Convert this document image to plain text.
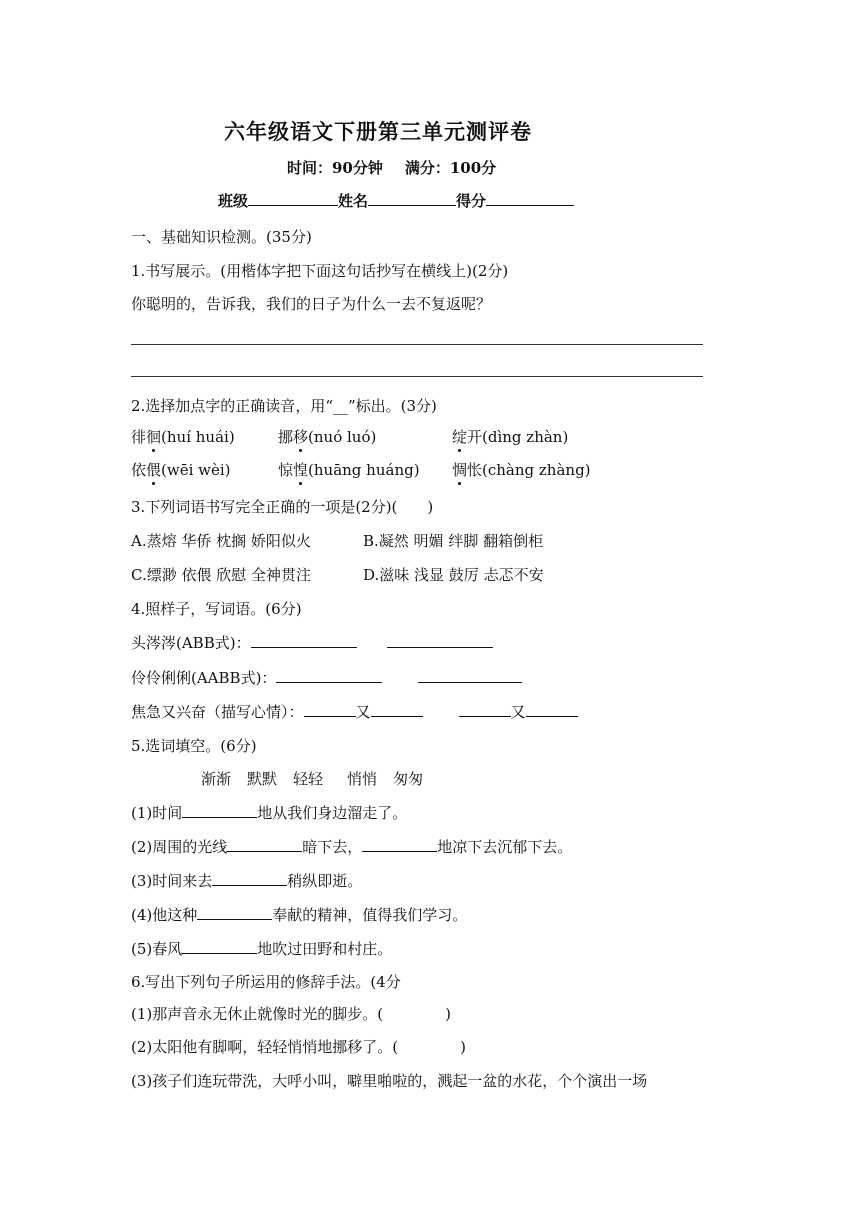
六年级语文下册第三单元测评卷
时间：90分钟 满分：100分
班级	姓名	得分
一、基础知识检测。(35分)
1.书写展示。(用楷体字把下面这句话抄写在横线上)(2分)
你聪明的，告诉我，我们的日子为什么一去不复返呢？
2.选择加点字的正确读音，用“__”标出。(3分)
徘徊(huí huái)	挪移(nuó luó)	绽开(dìng zhàn)
依偎(wēi wèi)	惊惶(huāng huáng) 惆怅(chàng zhàng)
3.下列词语书写完全正确的一项是(2分)(　　)
A.蒸熔 华侨 枕搁 娇阳似火	B.凝然 明媚 绊脚 翻箱倒柜
C.缥渺 依偎 欣慰 全神贯注	D.滋味 浅显 鼓厉 忐忑不安
4.照样子，写词语。(6分)
头涔涔(ABB式)：
伶伶俐俐(AABB式)：
焦急又兴奋（描写心情）：	又	又
5.选词填空。(6分)
渐渐 默默 轻轻 悄悄 匆匆
(1)时间	地从我们身边溜走了。
(2)周围的光线	暗下去，	地凉下去沉郁下去。
(3)时间来去	稍纵即逝。
(4)他这种	奉献的精神，值得我们学习。
(5)春风	地吹过田野和村庄。
6.写出下列句子所运用的修辞手法。(4分
(1)那声音永无休止就像时光的脚步。(	)
(2)太阳他有脚啊，轻轻悄悄地挪移了。(	)
(3)孩子们连玩带洗，大呼小叫，噼里啪啦的，溅起一盆的水花，个个演出一场
